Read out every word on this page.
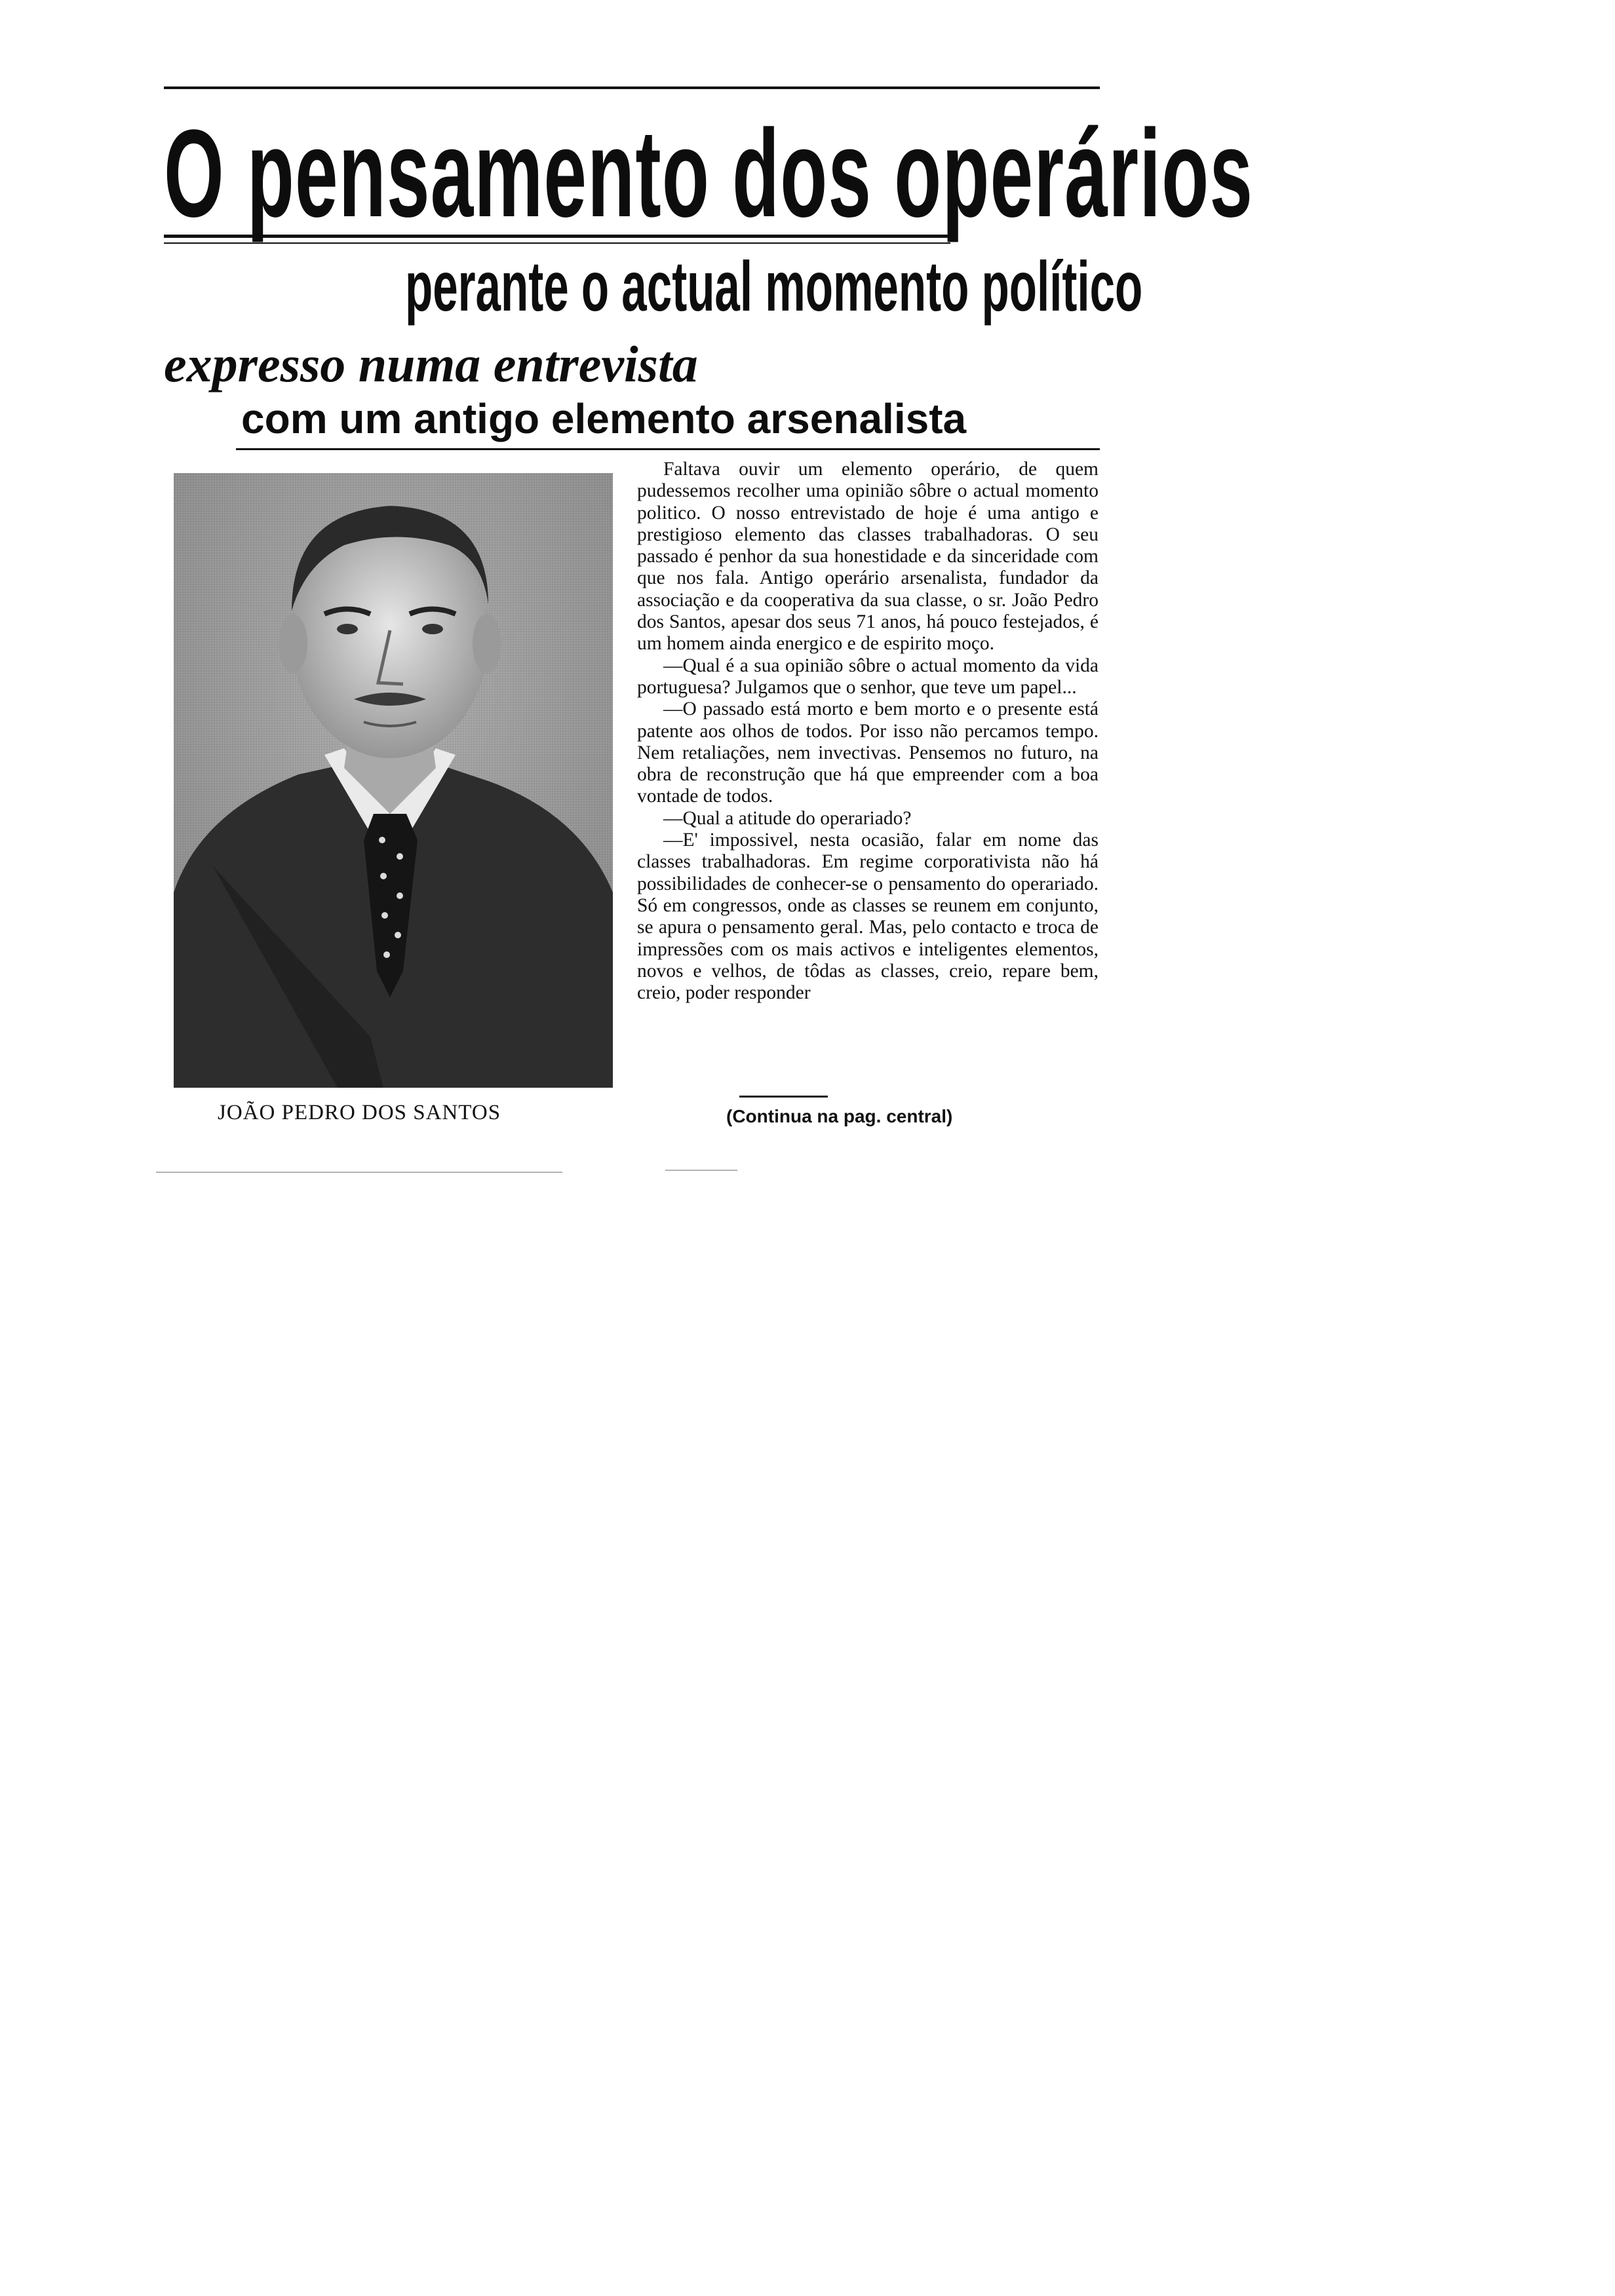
O pensamento dos operários
perante o actual momento político
expresso numa entrevista
com um antigo elemento arsenalista
JOÃO PEDRO DOS SANTOS

Faltava ouvir um elemento operário, de quem pudessemos recolher uma opinião sôbre o actual momento politico. O nosso entrevistado de hoje é uma antigo e prestigioso elemento das classes trabalhadoras. O seu passado é penhor da sua honestidade e da sinceridade com que nos fala. Antigo operário arsenalista, fundador da associação e da cooperativa da sua classe, o sr. João Pedro dos Santos, apesar dos seus 71 anos, há pouco festejados, é um homem ainda energico e de espirito moço.

—Qual é a sua opinião sôbre o actual momento da vida portuguesa? Julgamos que o senhor, que teve um papel...

—O passado está morto e bem morto e o presente está patente aos olhos de todos. Por isso não percamos tempo. Nem retaliações, nem invectivas. Pensemos no futuro, na obra de reconstrução que há que empreender com a boa vontade de todos.

—Qual a atitude do operariado?

—E' impossivel, nesta ocasião, falar em nome das classes trabalhadoras. Em regime corporativista não há possibilidades de conhecer-se o pensamento do operariado. Só em congressos, onde as classes se reunem em conjunto, se apura o pensamento geral. Mas, pelo contacto e troca de impressões com os mais activos e inteligentes elementos, novos e velhos, de tôdas as classes, creio, repare bem, creio, poder responder

(Continua na pag. central)
